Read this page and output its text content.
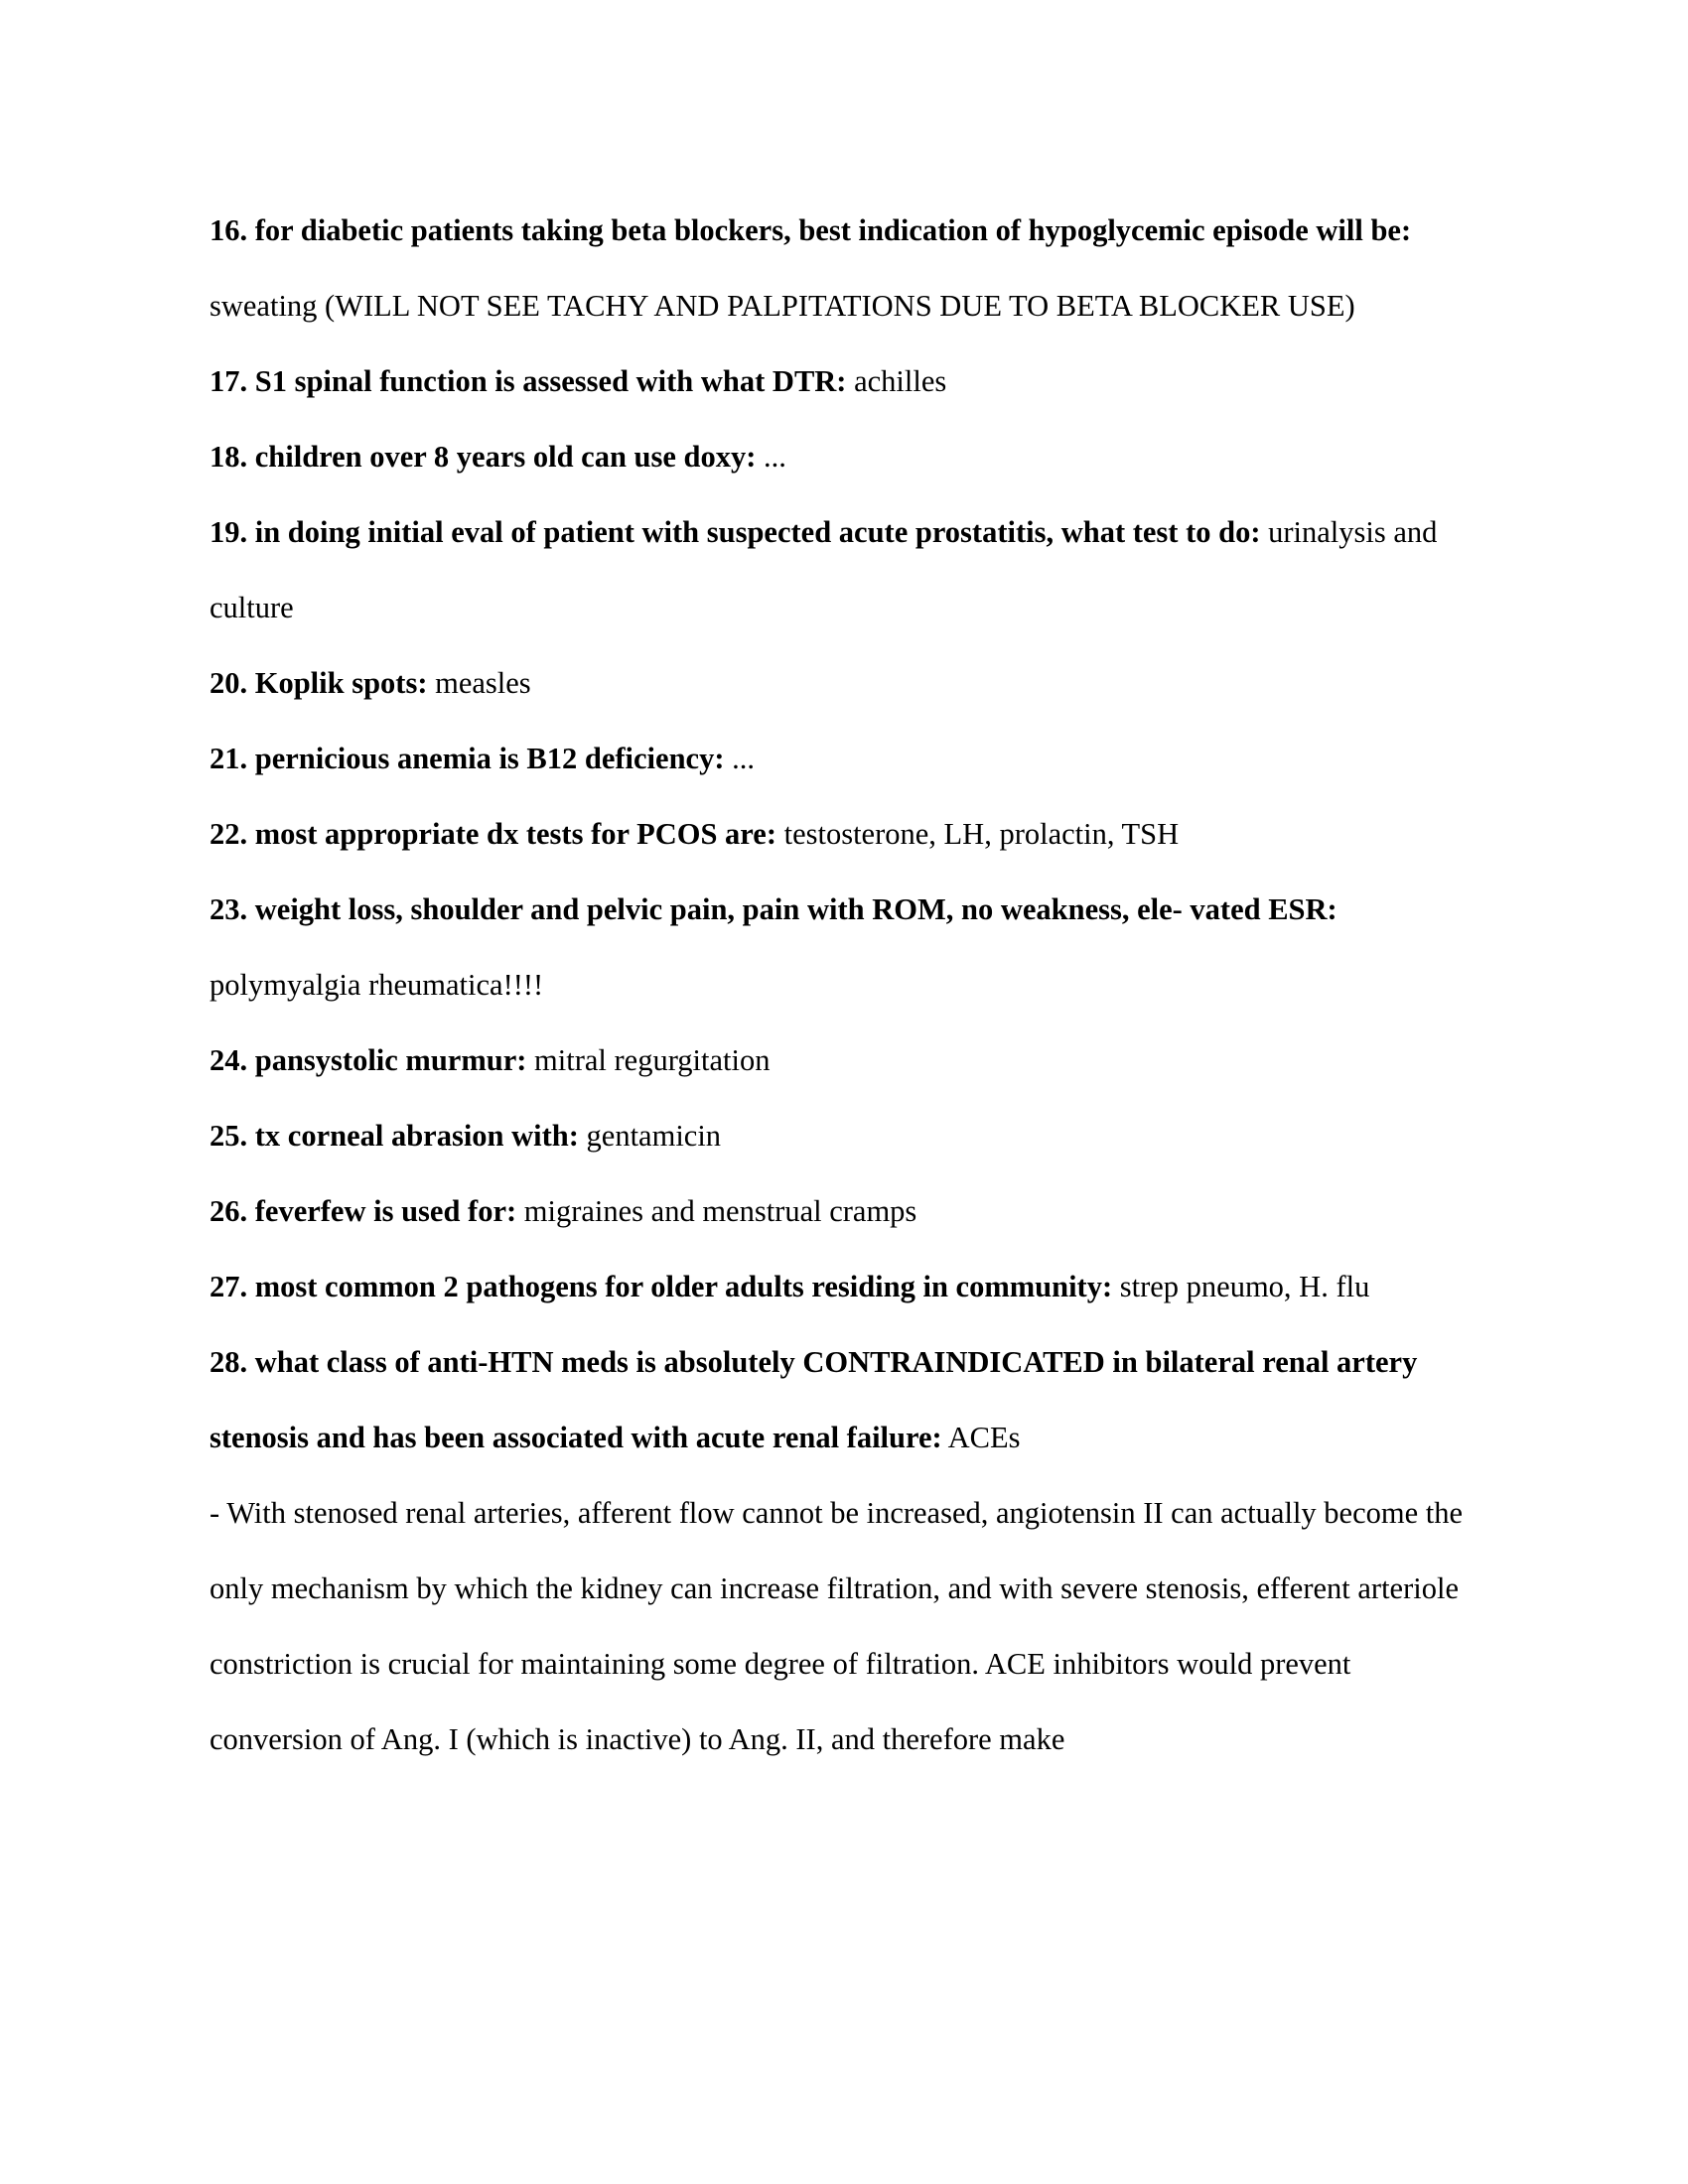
16. for diabetic patients taking beta blockers, best indication of hypoglycemic episode will be: sweating (WILL NOT SEE TACHY AND PALPITATIONS DUE TO BETA BLOCKER USE)

17. S1 spinal function is assessed with what DTR: achilles

18. children over 8 years old can use doxy: ...

19. in doing initial eval of patient with suspected acute prostatitis, what test to do: urinalysis and culture

20. Koplik spots: measles

21. pernicious anemia is B12 deficiency: ...

22. most appropriate dx tests for PCOS are: testosterone, LH, prolactin, TSH

23. weight loss, shoulder and pelvic pain, pain with ROM, no weakness, ele- vated ESR: polymyalgia rheumatica!!!!

24. pansystolic murmur: mitral regurgitation

25. tx corneal abrasion with: gentamicin

26. feverfew is used for: migraines and menstrual cramps

27. most common 2 pathogens for older adults residing in community: strep pneumo, H. flu

28. what class of anti-HTN meds is absolutely CONTRAINDICATED in bilateral renal artery stenosis and has been associated with acute renal failure: ACEs

- With stenosed renal arteries, afferent flow cannot be increased, angiotensin II can actually become the only mechanism by which the kidney can increase filtration, and with severe stenosis, efferent arteriole constriction is crucial for maintaining some degree of filtration. ACE inhibitors would prevent conversion of Ang. I (which is inactive) to Ang. II, and therefore make
